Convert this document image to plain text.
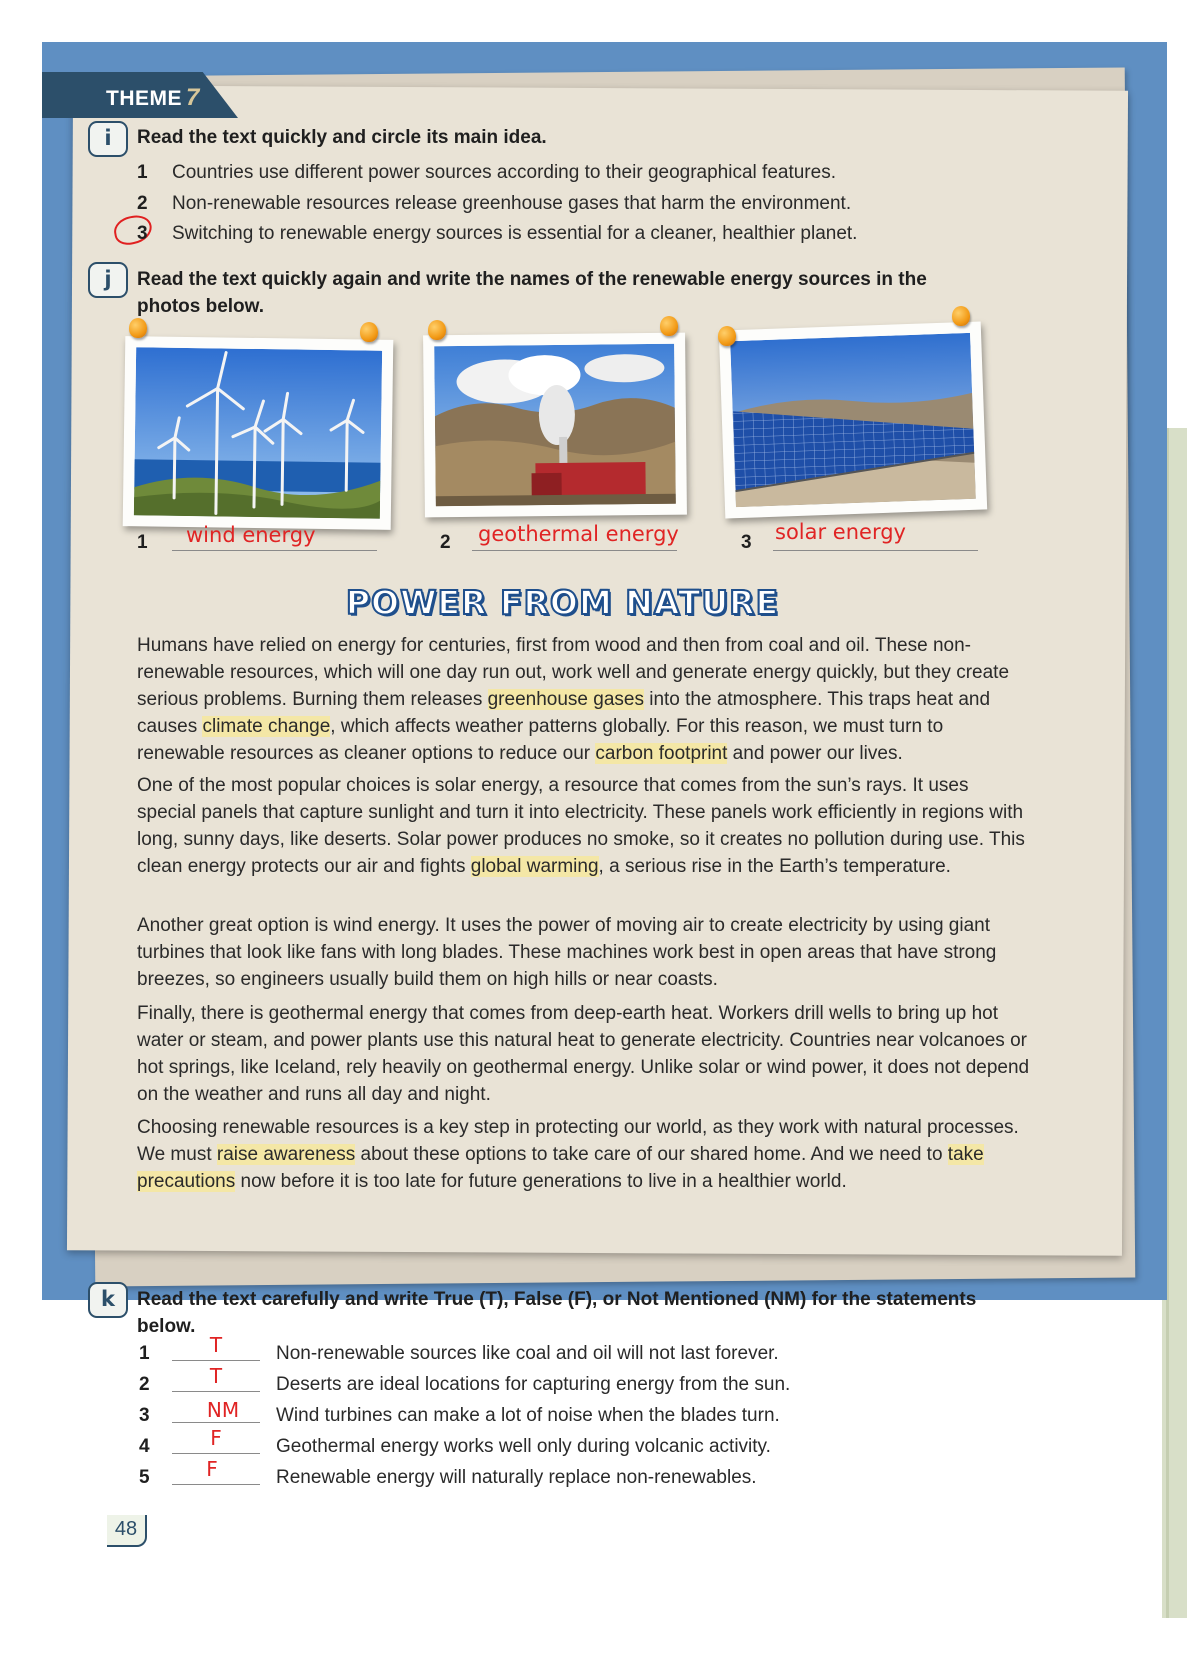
THEME 7
i	Read the text quickly and circle its main idea.
1 Countries use different power sources according to their geographical features.
2 Non-renewable resources release greenhouse gases that harm the environment.
3 Switching to renewable energy sources is essential for a cleaner, healthier planet.
j	Read the text quickly again and write the names of the renewable energy sources in the
photos below.
1 wind energy	2 geothermal energy	3 solar energy
POWER FROM NATURE
Humans have relied on energy for centuries, first from wood and then from coal and oil. These non-renewable resources, which will one day run out, work well and generate energy quickly, but they create serious problems. Burning them releases greenhouse gases into the atmosphere. This traps heat and causes climate change, which affects weather patterns globally. For this reason, we must turn to renewable resources as cleaner options to reduce our carbon footprint and power our lives.
One of the most popular choices is solar energy, a resource that comes from the sun’s rays. It uses special panels that capture sunlight and turn it into electricity. These panels work efficiently in regions with long, sunny days, like deserts. Solar power produces no smoke, so it creates no pollution during use. This clean energy protects our air and fights global warming, a serious rise in the Earth’s temperature.
Another great option is wind energy. It uses the power of moving air to create electricity by using giant turbines that look like fans with long blades. These machines work best in open areas that have strong breezes, so engineers usually build them on high hills or near coasts.
Finally, there is geothermal energy that comes from deep-earth heat. Workers drill wells to bring up hot water or steam, and power plants use this natural heat to generate electricity. Countries near volcanoes or hot springs, like Iceland, rely heavily on geothermal energy. Unlike solar or wind power, it does not depend on the weather and runs all day and night.
Choosing renewable resources is a key step in protecting our world, as they work with natural processes. We must raise awareness about these options to take care of our shared home. And we need to take precautions now before it is too late for future generations to live in a healthier world.
k	Read the text carefully and write True (T), False (F), or Not Mentioned (NM) for the statements
below.
1	T	Non-renewable sources like coal and oil will not last forever.
2	T	Deserts are ideal locations for capturing energy from the sun.
3	NM	Wind turbines can make a lot of noise when the blades turn.
4	F	Geothermal energy works well only during volcanic activity.
5	F	Renewable energy will naturally replace non-renewables.
48
